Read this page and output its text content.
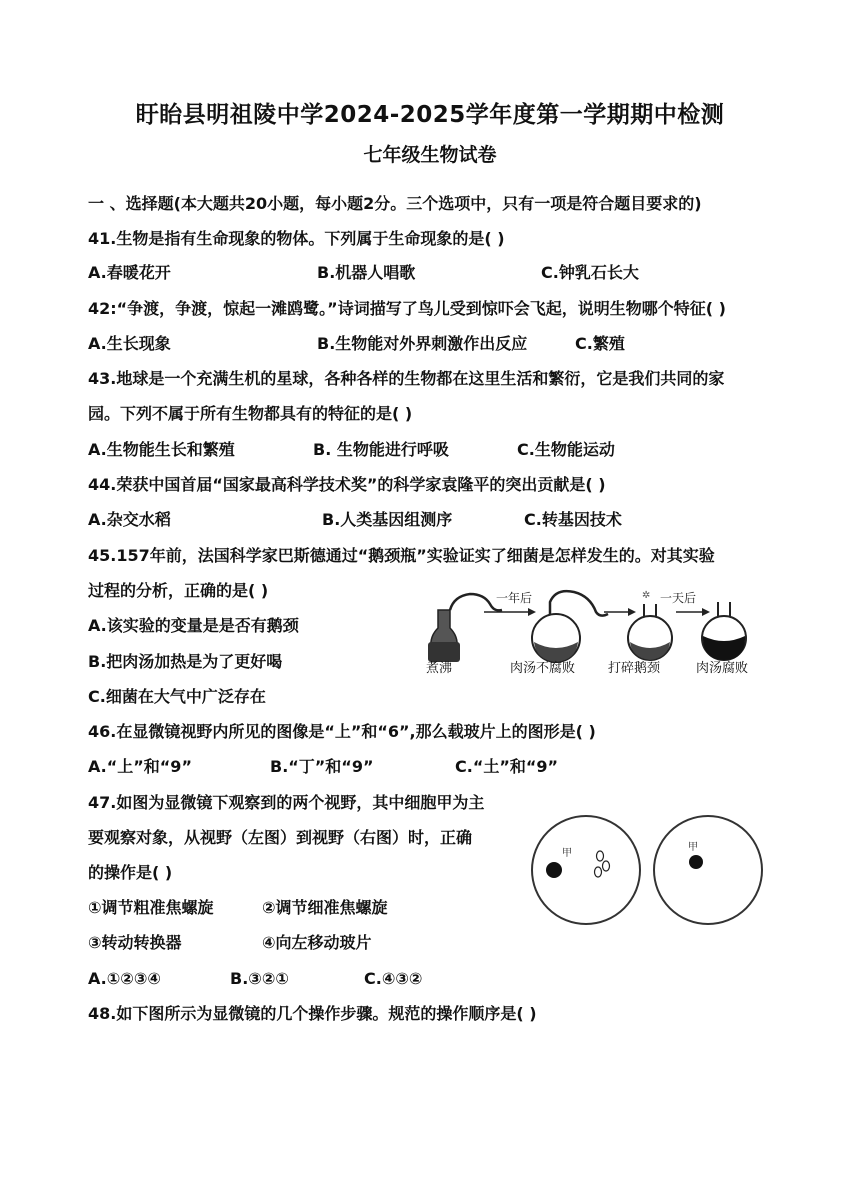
盱眙县明祖陵中学2024-2025学年度第一学期期中检测
七年级生物试卷
一 、选择题(本大题共20小题，每小题2分。三个选项中，只有一项是符合题目要求的)
41.生物是指有生命现象的物体。下列属于生命现象的是( )
A.春暖花开	B.机器人唱歌	C.钟乳石长大
42:“争渡，争渡，惊起一滩鸥鹭。”诗词描写了鸟儿受到惊吓会飞起，说明生物哪个特征( )
A.生长现象	B.生物能对外界刺激作出反应	C.繁殖
43.地球是一个充满生机的星球，各种各样的生物都在这里生活和繁衍，它是我们共同的家
园。下列不属于所有生物都具有的特征的是( )
A.生物能生长和繁殖	B. 生物能进行呼吸	C.生物能运动
44.荣获中国首届“国家最高科学技术奖”的科学家袁隆平的突出贡献是( )
A.杂交水稻	B.人类基因组测序	C.转基因技术
45.157年前，法国科学家巴斯德通过“鹅颈瓶”实验证实了细菌是怎样发生的。对其实验
过程的分析，正确的是( )
A.该实验的变量是是否有鹅颈
B.把肉汤加热是为了更好喝
C.细菌在大气中广泛存在
一年后	✲ 一天后
煮沸	肉汤不腐败	打碎鹅颈	肉汤腐败
46.在显微镜视野内所见的图像是“上”和“6”,那么载玻片上的图形是( )
A.“上”和“9”	B.“丁”和“9”	C.“土”和“9”
47.如图为显微镜下观察到的两个视野，其中细胞甲为主
要观察对象，从视野（左图）到视野（右图）时，正确
的操作是( )
①调节粗准焦螺旋	②调节细准焦螺旋
③转动转换器	④向左移动玻片
A.①②③④	B.③②①	C.④③②
甲
甲
48.如下图所示为显微镜的几个操作步骤。规范的操作顺序是( )
